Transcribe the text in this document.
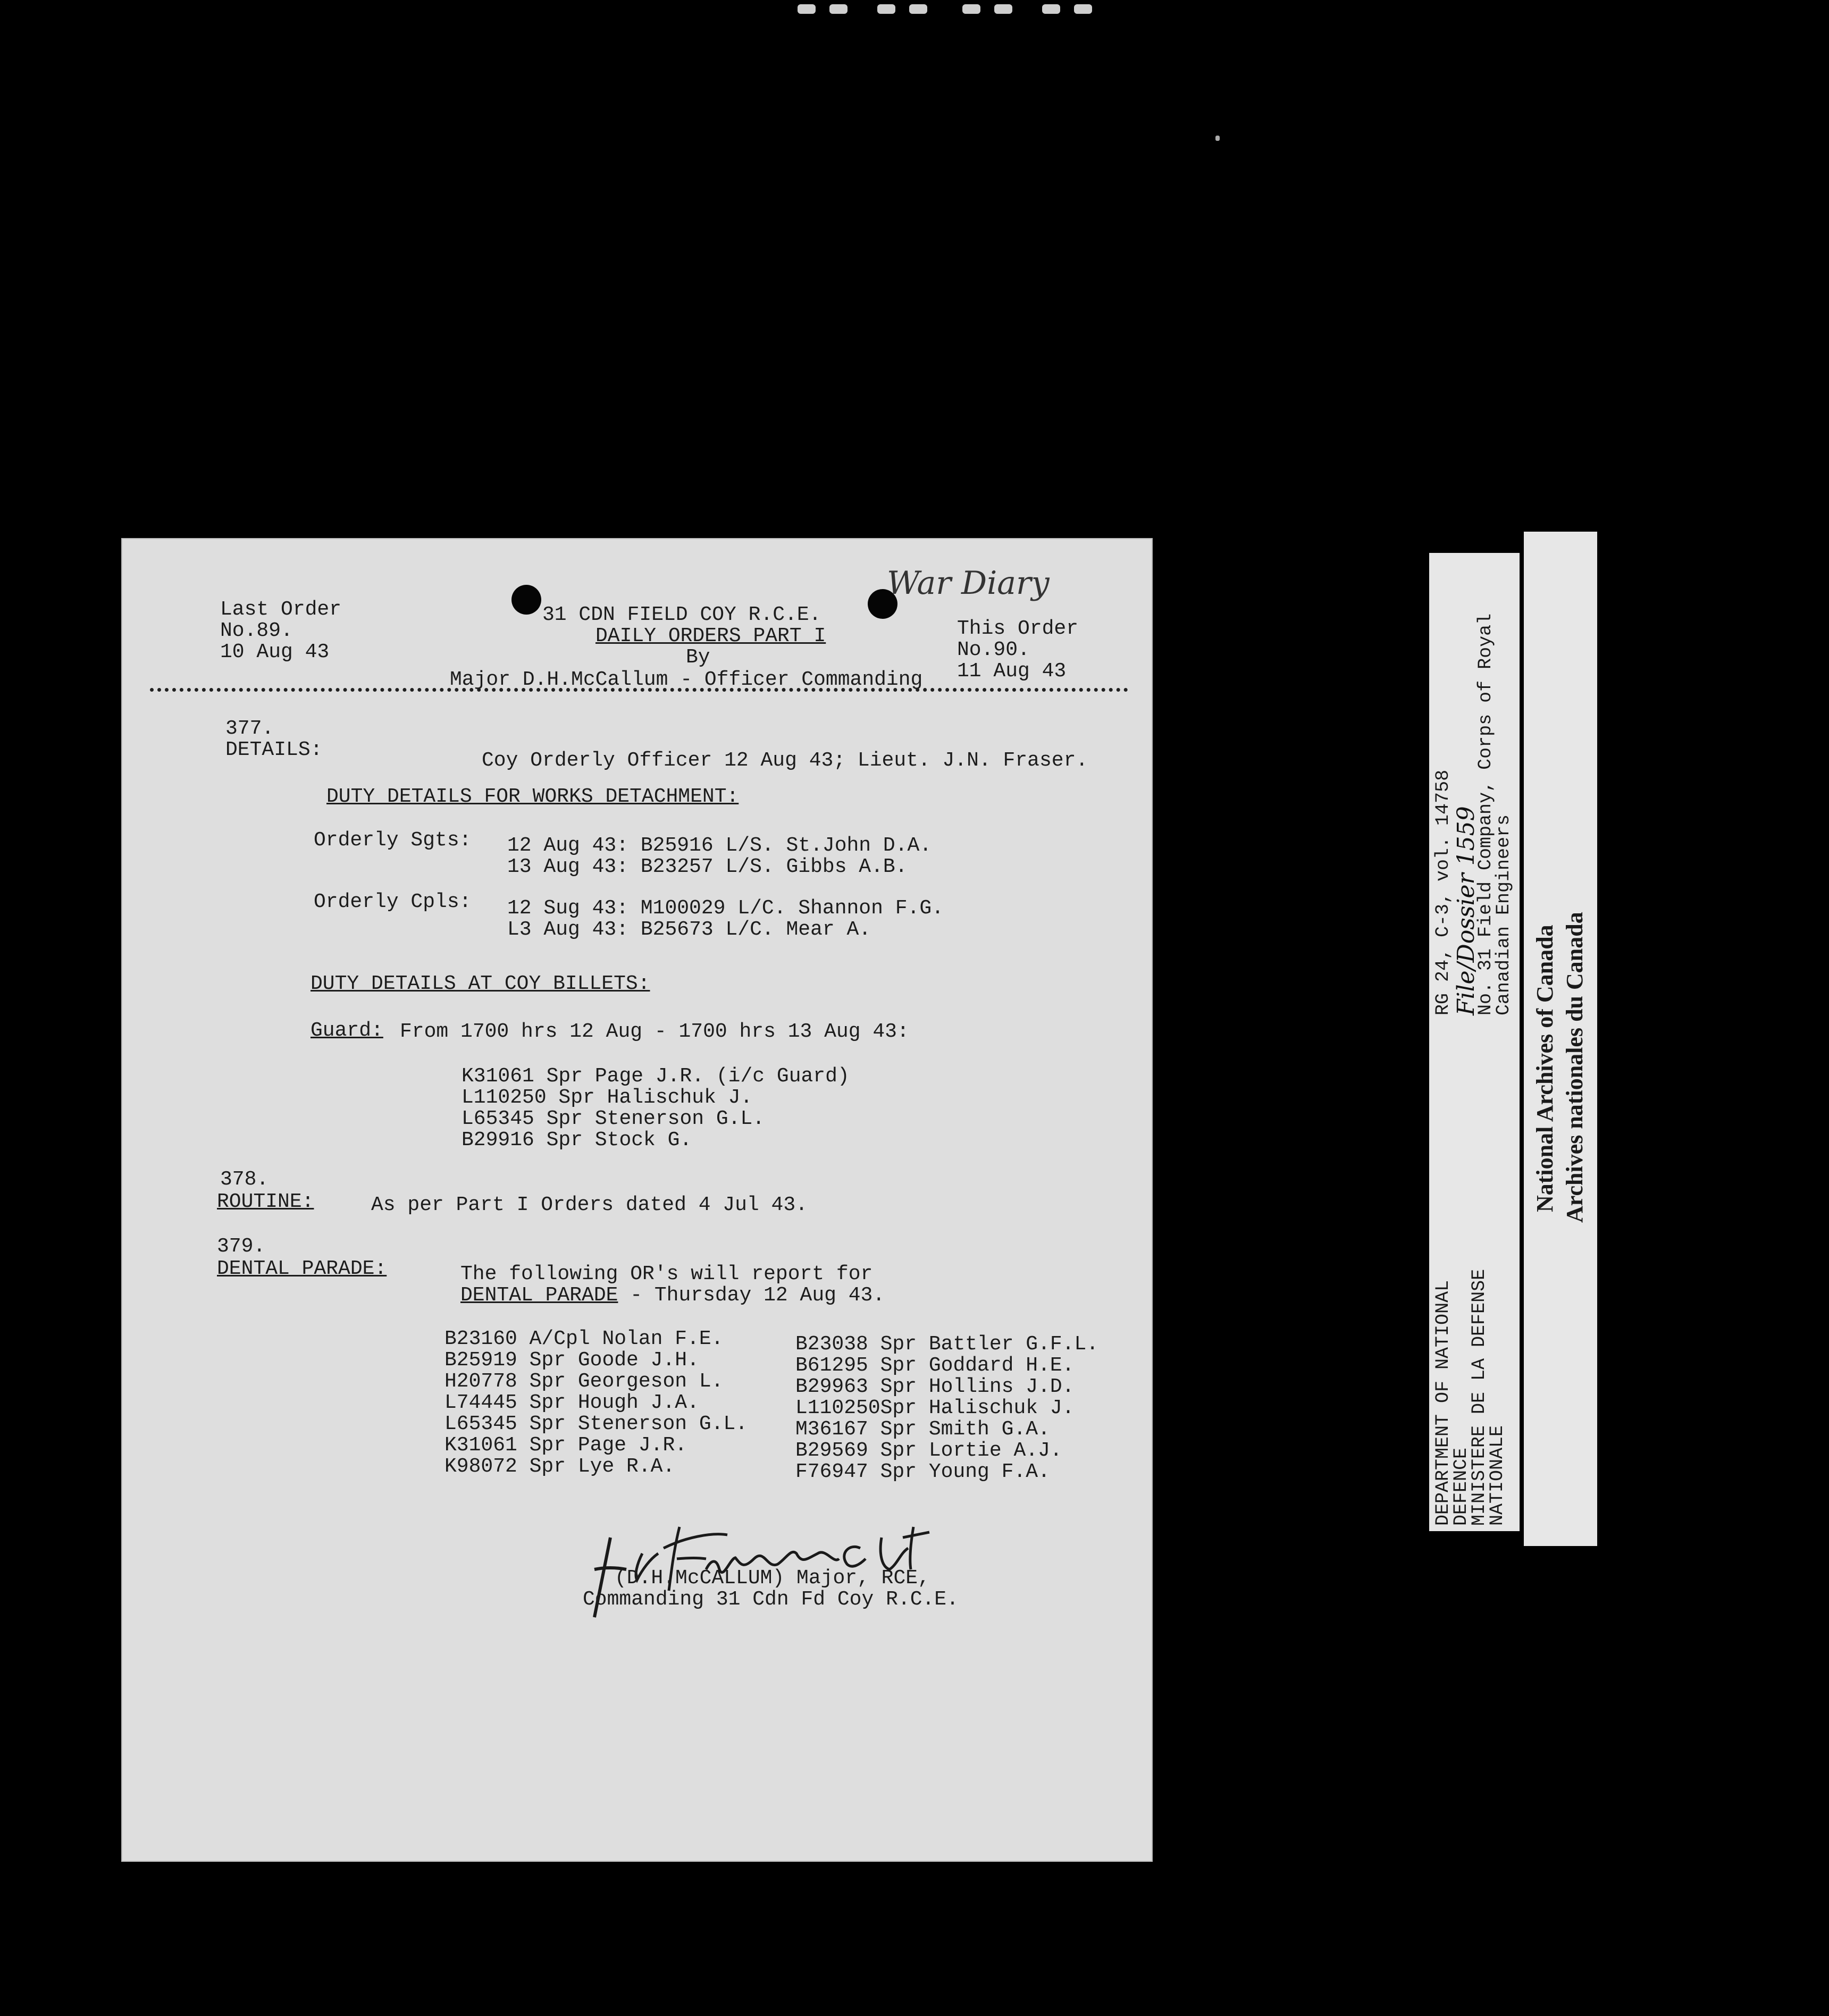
Last Order
No.89.
10 Aug 43
31 CDN FIELD COY R.C.E.
DAILY ORDERS PART I
By
Major D.H.McCallum - Officer Commanding
This Order
No.90.
11 Aug 43
War Diary
377.
DETAILS:	Coy Orderly Officer 12 Aug 43; Lieut. J.N. Fraser.
DUTY DETAILS FOR WORKS DETACHMENT:
Orderly Sgts: 12 Aug 43: B25916 L/S. St.John D.A.
13 Aug 43: B23257 L/S. Gibbs A.B.
Orderly Cpls: 12 Sug 43: M100029 L/C. Shannon F.G.
L3 Aug 43: B25673 L/C. Mear A.
DUTY DETAILS AT COY BILLETS:
Guard: From 1700 hrs 12 Aug - 1700 hrs 13 Aug 43:
K31061 Spr Page J.R. (i/c Guard)
L110250 Spr Halischuk J.
L65345 Spr Stenerson G.L.
B29916 Spr Stock G.
378.
ROUTINE:	As per Part I Orders dated 4 Jul 43.
379.
DENTAL PARADE:	The following OR's will report for
DENTAL PARADE - Thursday 12 Aug 43.
B23160 A/Cpl Nolan F.E.
B25919 Spr Goode J.H.
H20778 Spr Georgeson L.
L74445 Spr Hough J.A.
L65345 Spr Stenerson G.L.
K31061 Spr Page J.R.
K98072 Spr Lye R.A.
B23038 Spr Battler G.F.L.
B61295 Spr Goddard H.E.
B29963 Spr Hollins J.D.
L110250Spr Halischuk J.
M36167 Spr Smith G.A.
B29569 Spr Lortie A.J.
F76947 Spr Young F.A.
(D.H.McCALLUM) Major, RCE,
Commanding 31 Cdn Fd Coy R.C.E.
DEPARTMENT OF NATIONAL
DEFENCE
MINISTERE DE LA DEFENSE
NATIONALE
RG 24, C-3, vol. 14758
File/Dossier 1559
No. 31 Field Company, Corps of Royal
Canadian Engineers
National Archives of Canada Archives nationales du Canada
